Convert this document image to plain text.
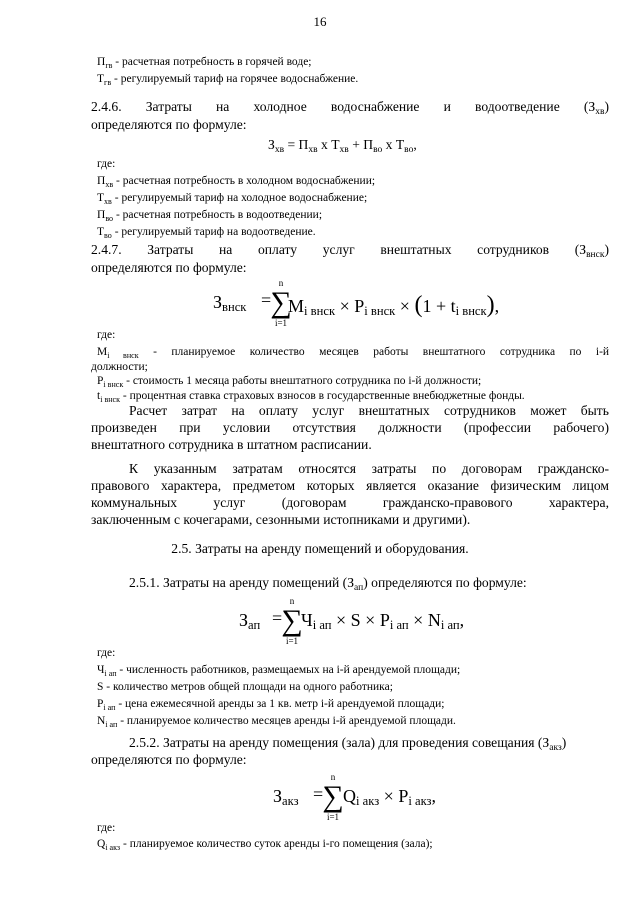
16
$П_{гв}$ - расчетная потребность в горячей воде;
$Т_{гв}$ - регулируемый тариф на горячее водоснабжение.
2.4.6. Затраты на холодное водоснабжение и водоотведение $(З_{хв})$
определяются по формуле:
$З_{хв} = П_{хв}$ х $Т_{хв} + П_{во}$ х $Т_{во}$,
где:
$П_{хв}$ - расчетная потребность в холодном водоснабжении;
$Т_{хв}$ - регулируемый тариф на холодное водоснабжение;
$П_{во}$ - расчетная потребность в водоотведении;
$Т_{во}$ - регулируемый тариф на водоотведение.
2.4.7. Затраты на оплату услуг внештатных сотрудников $(З_{внск})$
определяются по формуле:
$З_{внск}$ =
n
∑
i=1
$M_{i внск} \times P_{i внск} \times (1 + t_{i внск})$,
где:
$М_{i внск}$ - планируемое количество месяцев работы внештатного сотрудника по i-й
должности;
$Р_{i внск}$ - стоимость 1 месяца работы внештатного сотрудника по i-й должности;
$t_{i внск}$ - процентная ставка страховых взносов в государственные внебюджетные фонды.
Расчет затрат на оплату услуг внештатных сотрудников может быть
произведен при условии отсутствия должности (профессии рабочего)
внештатного сотрудника в штатном расписании.
К указанным затратам относятся затраты по договорам гражданско-
правового характера, предметом которых является оказание физическим лицом
коммунальных	услуг	(договорам	гражданско-правового	характера,
заключенным с кочегарами, сезонными истопниками и другими).
2.5. Затраты на аренду помещений и оборудования.
2.5.1. Затраты на аренду помещений $(З_{ап})$ определяются по формуле:
$З_{ап}$ =
n
∑
i=1
$Ч_{i ап} \times S \times P_{i ап} \times N_{i ап}$,
где:
$Ч_{i ап}$ - численность работников, размещаемых на i-й арендуемой площади;
S - количество метров общей площади на одного работника;
$Р_{i ап}$ - цена ежемесячной аренды за 1 кв. метр i-й арендуемой площади;
$N_{i ап}$ - планируемое количество месяцев аренды i-й арендуемой площади.
2.5.2. Затраты на аренду помещения (зала) для проведения совещания $(З_{акз})$
определяются по формуле:
$З_{акз}$ =
n
∑
i=1
$Q_{i акз} \times P_{i акз}$,
где:
$Q_{i акз}$ - планируемое количество суток аренды i-го помещения (зала);
